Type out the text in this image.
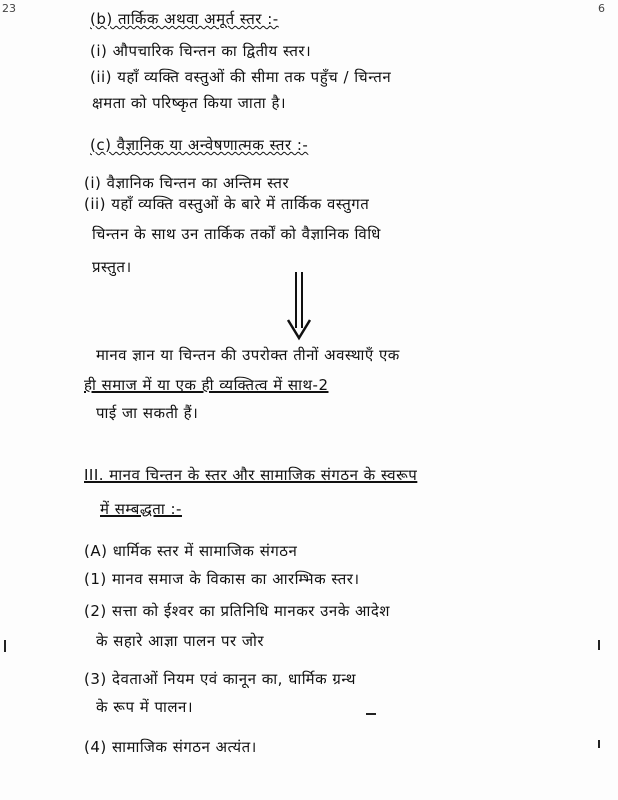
23	6
(b) तार्किक अथवा अमूर्त स्तर :-
(i) औपचारिक चिन्तन का द्वितीय स्तर।
(ii) यहाँ व्यक्ति वस्तुओं की सीमा तक पहुँच / चिन्तन
क्षमता को परिष्कृत किया जाता है।
(c) वैज्ञानिक या अन्वेषणात्मक स्तर :-
(i) वैज्ञानिक चिन्तन का अन्तिम स्तर
(ii) यहाँ व्यक्ति वस्तुओं के बारे में तार्किक वस्तुगत
चिन्तन के साथ उन तार्किक तर्कों को वैज्ञानिक विधि
प्रस्तुत।
मानव ज्ञान या चिन्तन की उपरोक्त तीनों अवस्थाएँ एक
ही समाज में या एक ही व्यक्तित्व में साथ-2
पाई जा सकती हैं।
III. मानव चिन्तन के स्तर और सामाजिक संगठन के स्वरूप
में सम्बद्धता :-
(A) धार्मिक स्तर में सामाजिक संगठन
(1) मानव समाज के विकास का आरम्भिक स्तर।
(2) सत्ता को ईश्वर का प्रतिनिधि मानकर उनके आदेश
के सहारे आज्ञा पालन पर जोर
(3) देवताओं नियम एवं कानून का, धार्मिक ग्रन्थ
के रूप में पालन।
(4) सामाजिक संगठन अत्यंत।
